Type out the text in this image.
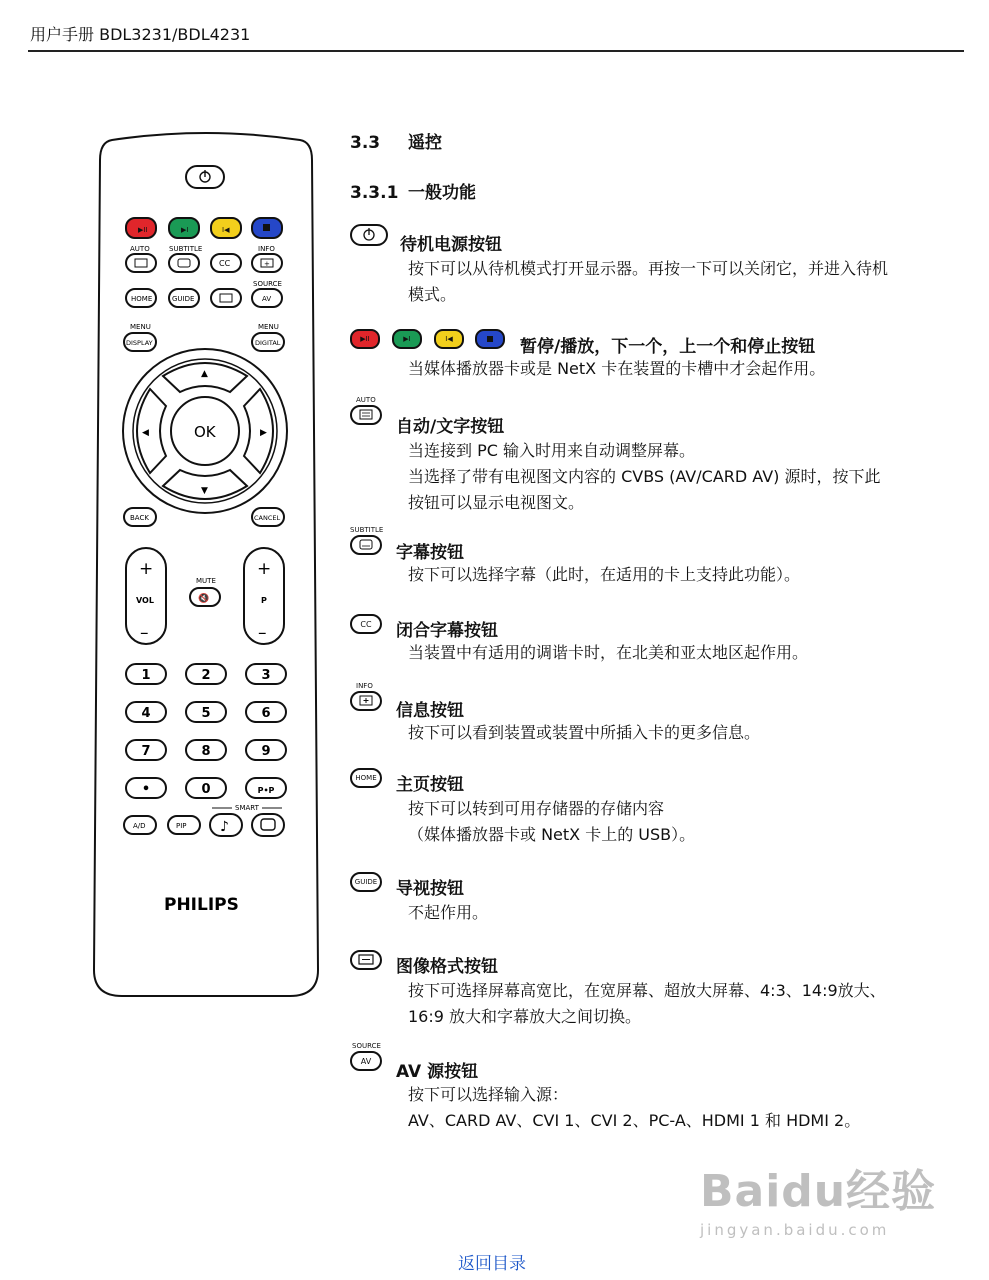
用户手册 BDL3231/BDL4231
▶II	▶I	I◀
AUTO	SUBTITLE	INFO
CC	+
SOURCE
HOME	GUIDE	AV
MENU	MENU
DISPLAY	DIGITAL
▲
▼
◀	▶
OK
BACK	CANCEL
+
VOL
–
+
P
–
MUTE
🔇
1	2	3
4	5	6
7	8	9
•	0	P•P
SMART
A/D	PIP ♪
PHILIPS
3.3 遥控
3.3.1 一般功能
待机电源按钮
按下可以从待机模式打开显示器。再按一下可以关闭它，并进入待机
模式。
▶II	▶I	I◀	暂停/播放，下一个，上一个和停止按钮
当媒体播放器卡或是 NetX 卡在装置的卡槽中才会起作用。
AUTO
自动/文字按钮
当连接到 PC 输入时用来自动调整屏幕。
当选择了带有电视图文内容的 CVBS (AV/CARD AV) 源时，按下此
按钮可以显示电视图文。
SUBTITLE
字幕按钮
按下可以选择字幕（此时，在适用的卡上支持此功能）。
CC 闭合字幕按钮
当装置中有适用的调谐卡时，在北美和亚太地区起作用。
INFO
信息按钮
按下可以看到装置或装置中所插入卡的更多信息。
HOME 主页按钮
按下可以转到可用存储器的存储内容
（媒体播放器卡或 NetX 卡上的 USB）。
GUIDE 导视按钮
不起作用。
图像格式按钮
按下可选择屏幕高宽比，在宽屏幕、超放大屏幕、4:3、14:9放大、
16:9 放大和字幕放大之间切换。
SOURCE
AV
AV 源按钮
按下可以选择输入源：
AV、CARD AV、CVI 1、CVI 2、PC-A、HDMI 1 和 HDMI 2。
Baidu经验
jingyan.baidu.com
返回目录
